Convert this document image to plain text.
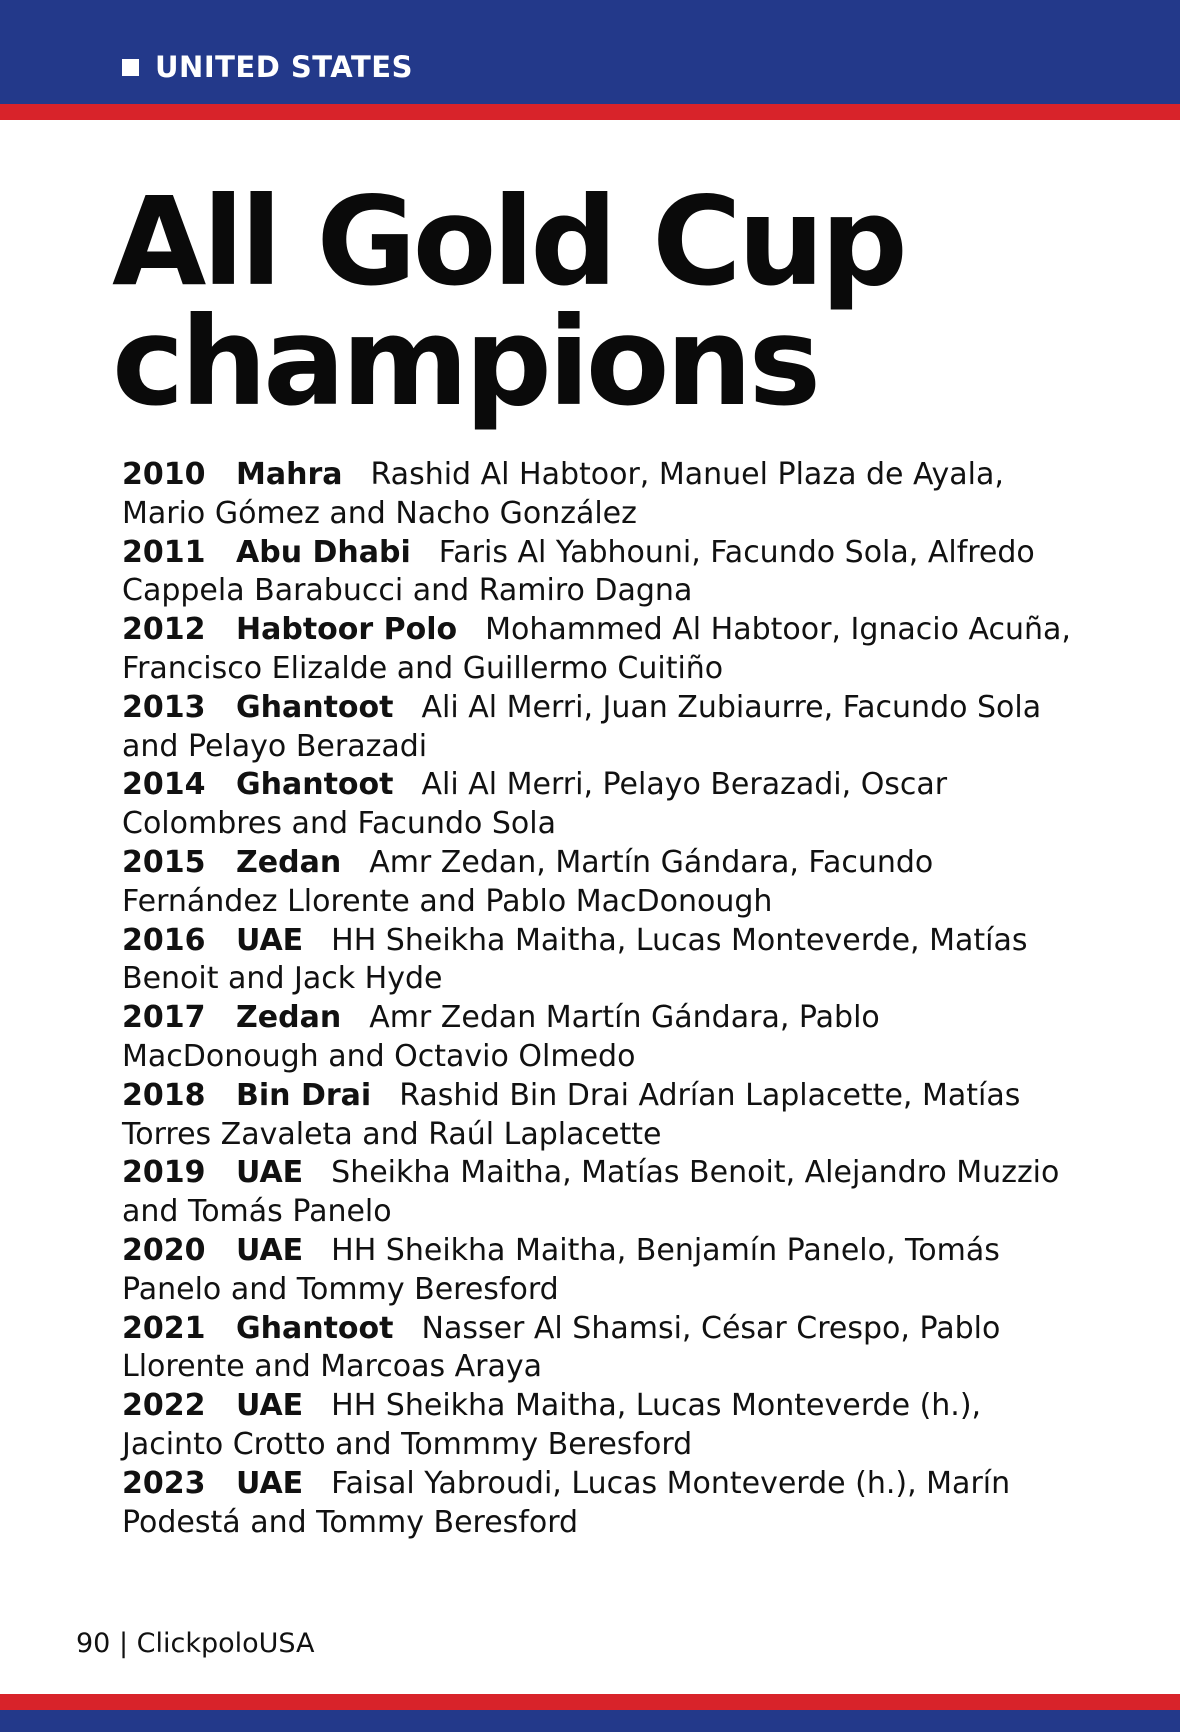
UNITED STATES
All Gold Cup
champions
2010 Mahra Rashid Al Habtoor, Manuel Plaza de Ayala, Mario Gómez and Nacho González
2011 Abu Dhabi Faris Al Yabhouni, Facundo Sola, Alfredo Cappela Barabucci and Ramiro Dagna
2012 Habtoor Polo Mohammed Al Habtoor, Ignacio Acuña, Francisco Elizalde and Guillermo Cuitiño
2013 Ghantoot Ali Al Merri, Juan Zubiaurre, Facundo Sola and Pelayo Berazadi
2014 Ghantoot Ali Al Merri, Pelayo Berazadi, Oscar Colombres and Facundo Sola
2015 Zedan Amr Zedan, Martín Gándara, Facundo Fernández Llorente and Pablo MacDonough
2016 UAE HH Sheikha Maitha, Lucas Monteverde, Matías Benoit and Jack Hyde
2017 Zedan Amr Zedan Martín Gándara, Pablo MacDonough and Octavio Olmedo
2018 Bin Drai Rashid Bin Drai Adrían Laplacette, Matías Torres Zavaleta and Raúl Laplacette
2019 UAE Sheikha Maitha, Matías Benoit, Alejandro Muzzio and Tomás Panelo
2020 UAE HH Sheikha Maitha, Benjamín Panelo, Tomás Panelo and Tommy Beresford
2021 Ghantoot Nasser Al Shamsi, César Crespo, Pablo Llorente and Marcoas Araya
2022 UAE HH Sheikha Maitha, Lucas Monteverde (h.), Jacinto Crotto and Tommmy Beresford
2023 UAE Faisal Yabroudi, Lucas Monteverde (h.), Marín Podestá and Tommy Beresford
90 | ClickpoloUSA
